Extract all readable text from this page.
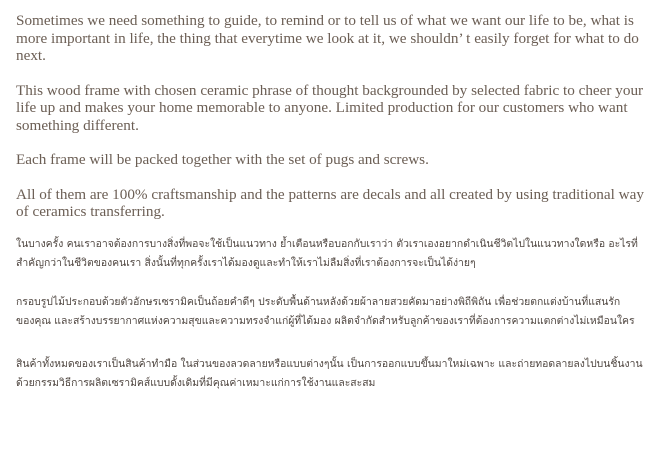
Sometimes we need something to guide, to remind or to tell us of what we want our life to be, what is more important in life, the thing that everytime we look at it, we shouldn’ t easily forget for what to do next.

This wood frame with chosen ceramic phrase of thought backgrounded by selected fabric to cheer your life up and makes your home memorable to anyone. Limited production for our customers who want something different.

Each frame will be packed together with the set of pugs and screws.

All of them are 100% craftsmanship and the patterns are decals and all created by using traditional way of ceramics transferring.

ในบางครั้ง คนเราอาจต้องการบางสิ่งที่พอจะใช้เป็นแนวทาง ย้ำเตือนหรือบอกกับเราว่า ตัวเราเองอยากดำเนินชีวิตไปในแนวทางใดหรือ อะไรที่

สำคัญกว่าในชีวิตของคนเรา สิ่งนั้นที่ทุกครั้งเราได้มองดูและทำให้เราไม่ลืมสิ่งที่เราต้องการจะเป็นได้ง่ายๆ

กรอบรูปไม้ประกอบด้วยตัวอักษรเซรามิคเป็นถ้อยคำดีๆ ประดับพื้นด้านหลังด้วยผ้าลายสวยคัดมาอย่างพิถีพิถัน เพื่อช่วยตกแต่งบ้านที่แสนรัก

ของคุณ และสร้างบรรยากาศแห่งความสุขและความทรงจำแก่ผู้ที่ได้มอง ผลิตจำกัดสำหรับลูกค้าของเราที่ต้องการความแตกต่างไม่เหมือนใคร

สินค้าทั้งหมดของเราเป็นสินค้าทำมือ ในส่วนของลวดลายหรือแบบต่างๆนั้น เป็นการออกแบบขึ้นมาใหม่เฉพาะ และถ่ายทอดลายลงไปบนชิ้นงาน

ด้วยกรรมวิธีการผลิตเซรามิคส์แบบดั้งเดิมที่มีคุณค่าเหมาะแก่การใช้งานและสะสม
